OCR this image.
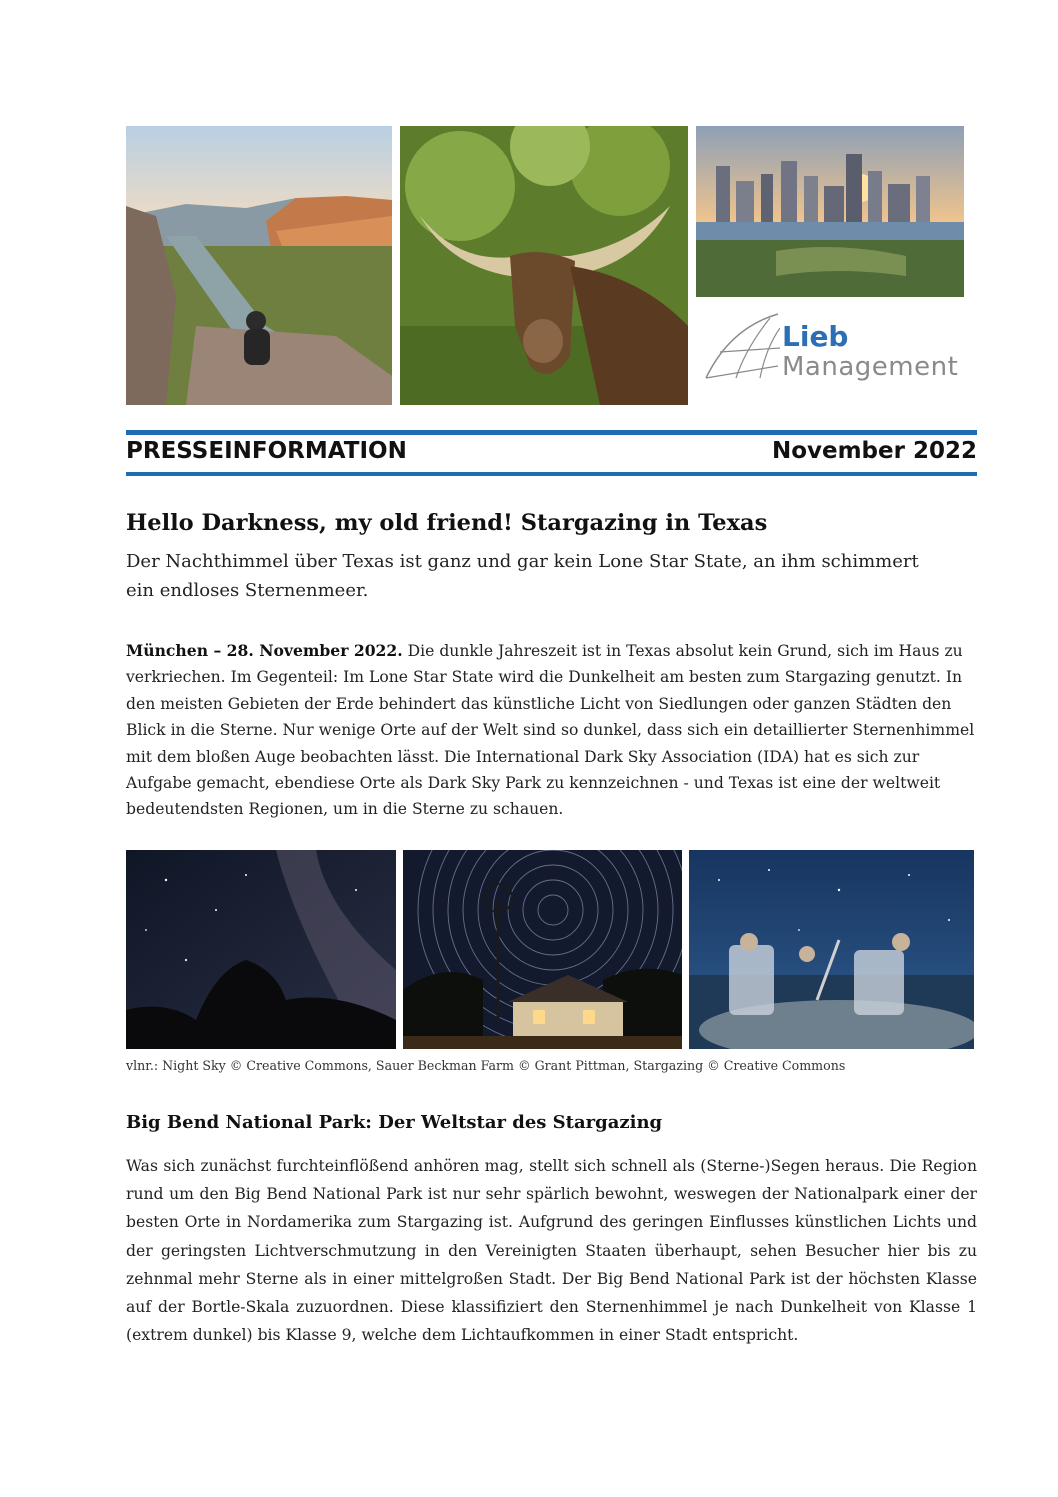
Lieb
Management
PRESSEINFORMATION	November 2022
Hello Darkness, my old friend! Stargazing in Texas
Der Nachthimmel über Texas ist ganz und gar kein Lone Star State, an ihm schimmert ein endloses Sternenmeer.
München – 28. November 2022. Die dunkle Jahreszeit ist in Texas absolut kein Grund, sich im Haus zu verkriechen. Im Gegenteil: Im Lone Star State wird die Dunkelheit am besten zum Stargazing genutzt. In den meisten Gebieten der Erde behindert das künstliche Licht von Siedlungen oder ganzen Städten den Blick in die Sterne. Nur wenige Orte auf der Welt sind so dunkel, dass sich ein detaillierter Sternenhimmel mit dem bloßen Auge beobachten lässt. Die International Dark Sky Association (IDA) hat es sich zur Aufgabe gemacht, ebendiese Orte als Dark Sky Park zu kennzeichnen - und Texas ist eine der weltweit bedeutendsten Regionen, um in die Sterne zu schauen.
vlnr.: Night Sky © Creative Commons, Sauer Beckman Farm © Grant Pittman, Stargazing © Creative Commons
Big Bend National Park: Der Weltstar des Stargazing
Was sich zunächst furchteinflößend anhören mag, stellt sich schnell als (Sterne-)Segen heraus. Die Region rund um den Big Bend National Park ist nur sehr spärlich bewohnt, weswegen der Nationalpark einer der besten Orte in Nordamerika zum Stargazing ist. Aufgrund des geringen Einflusses künstlichen Lichts und der geringsten Lichtverschmutzung in den Vereinigten Staaten überhaupt, sehen Besucher hier bis zu zehnmal mehr Sterne als in einer mittelgroßen Stadt. Der Big Bend National Park ist der höchsten Klasse auf der Bortle-Skala zuzuordnen. Diese klassifiziert den Sternenhimmel je nach Dunkelheit von Klasse 1 (extrem dunkel) bis Klasse 9, welche dem Lichtaufkommen in einer Stadt entspricht.
